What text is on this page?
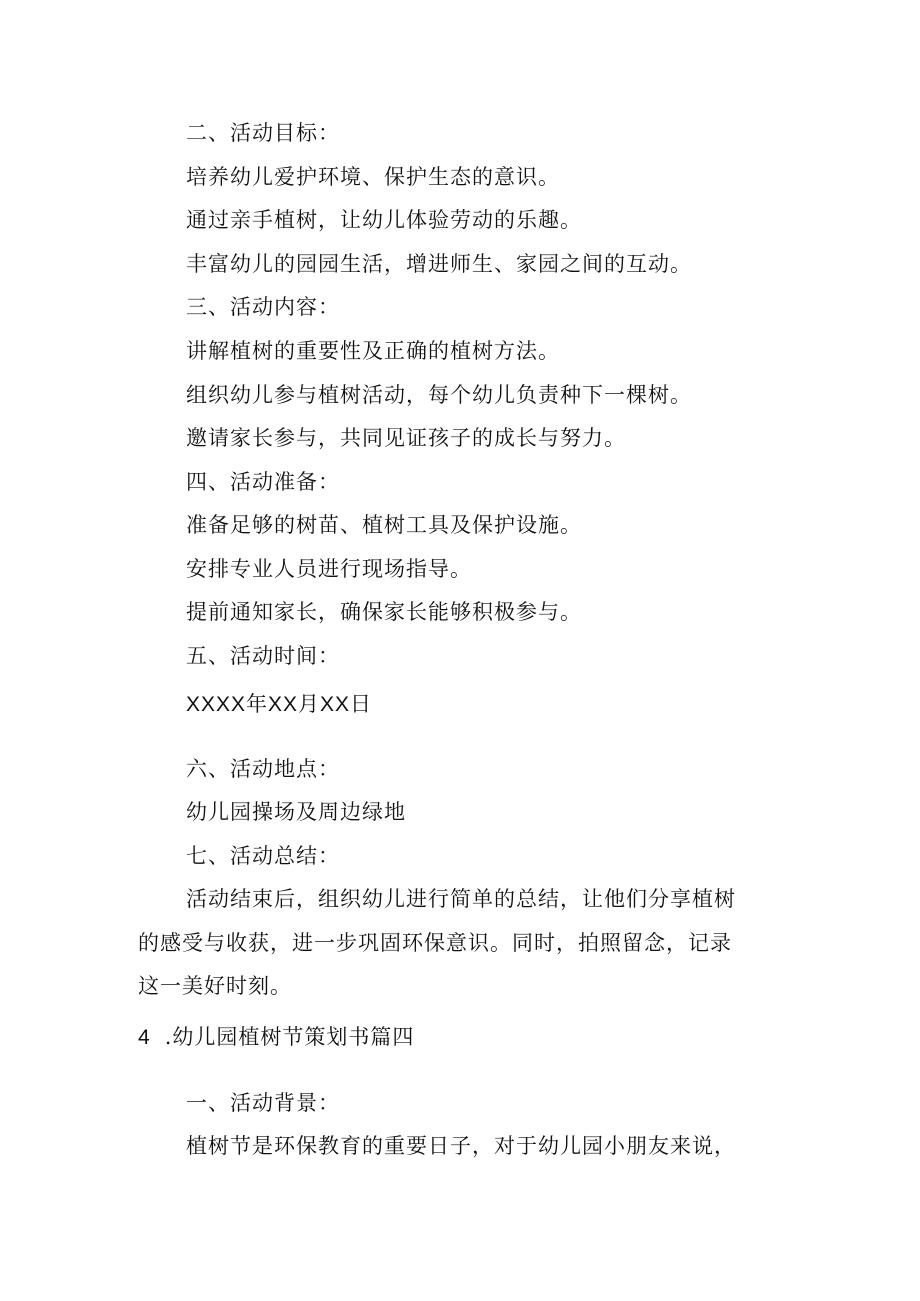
二、活动目标：
培养幼儿爱护环境、保护生态的意识。
通过亲手植树，让幼儿体验劳动的乐趣。
丰富幼儿的园园生活，增进师生、家园之间的互动。
三、活动内容：
讲解植树的重要性及正确的植树方法。
组织幼儿参与植树活动，每个幼儿负责种下一棵树。
邀请家长参与，共同见证孩子的成长与努力。
四、活动准备：
准备足够的树苗、植树工具及保护设施。
安排专业人员进行现场指导。
提前通知家长，确保家长能够积极参与。
五、活动时间：
XXXX年XX月XX日
六、活动地点：
幼儿园操场及周边绿地
七、活动总结：
活动结束后，组织幼儿进行简单的总结，让他们分享植树
的感受与收获，进一步巩固环保意识。同时，拍照留念，记录
这一美好时刻。
4 .幼儿园植树节策划书篇四
一、活动背景：
植树节是环保教育的重要日子，对于幼儿园小朋友来说，
